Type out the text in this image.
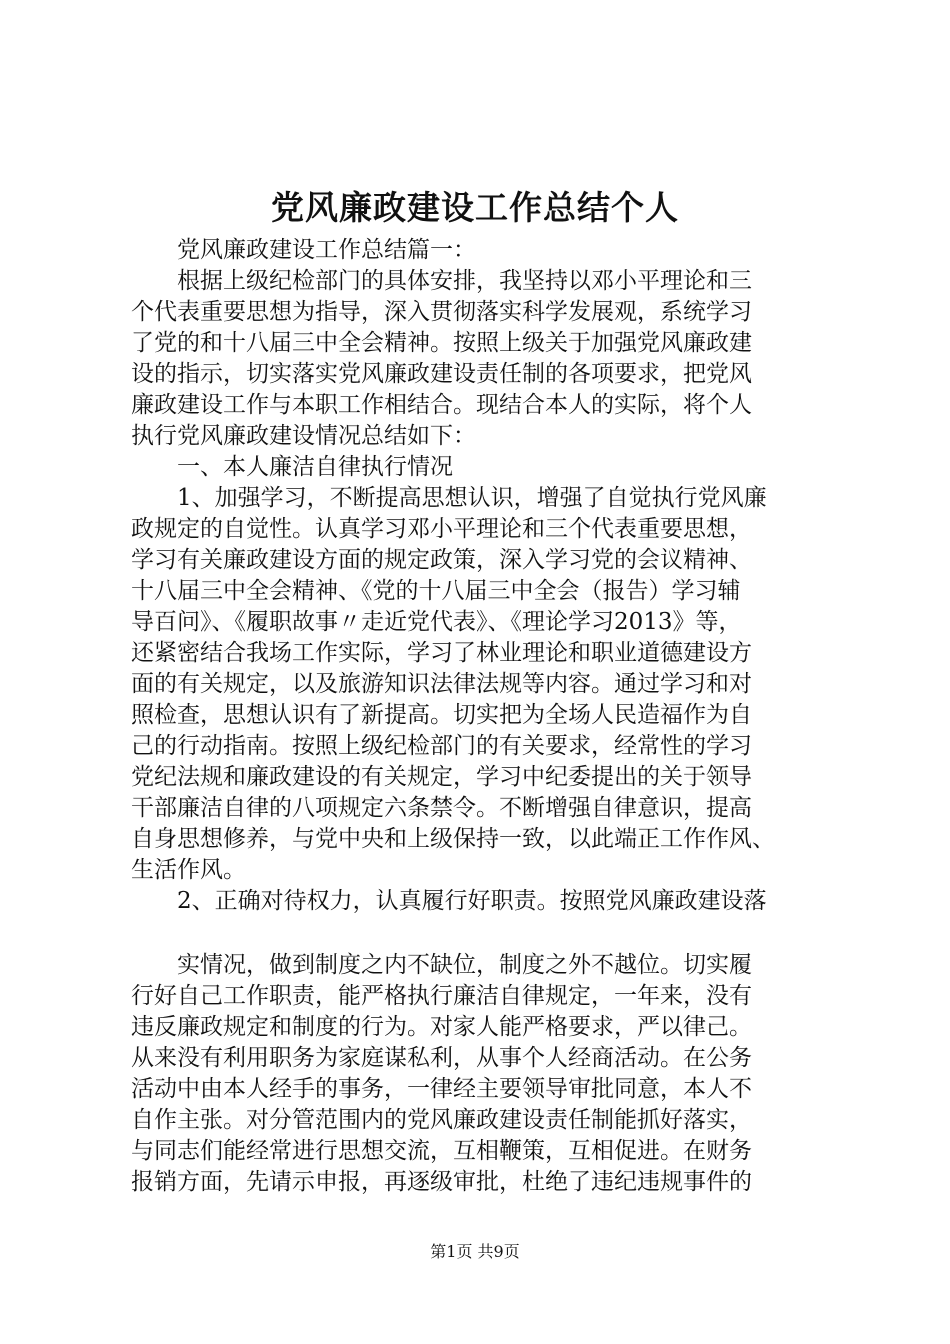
党风廉政建设工作总结个人
　　党风廉政建设工作总结篇一：
　　根据上级纪检部门的具体安排，我坚持以邓小平理论和三
个代表重要思想为指导，深入贯彻落实科学发展观，系统学习
了党的和十八届三中全会精神。按照上级关于加强党风廉政建
设的指示，切实落实党风廉政建设责任制的各项要求，把党风
廉政建设工作与本职工作相结合。现结合本人的实际，将个人
执行党风廉政建设情况总结如下：
　　一、本人廉洁自律执行情况
　　1、加强学习，不断提高思想认识，增强了自觉执行党风廉
政规定的自觉性。认真学习邓小平理论和三个代表重要思想，
学习有关廉政建设方面的规定政策，深入学习党的会议精神、
十八届三中全会精神、《党的十八届三中全会（报告）学习辅
导百问》、《履职故事〃走近党代表》、《理论学习2013》等，
还紧密结合我场工作实际，学习了林业理论和职业道德建设方
面的有关规定，以及旅游知识法律法规等内容。通过学习和对
照检查，思想认识有了新提高。切实把为全场人民造福作为自
己的行动指南。按照上级纪检部门的有关要求，经常性的学习
党纪法规和廉政建设的有关规定，学习中纪委提出的关于领导
干部廉洁自律的八项规定六条禁令。不断增强自律意识，提高
自身思想修养，与党中央和上级保持一致，以此端正工作作风、
生活作风。
　　2、正确对待权力，认真履行好职责。按照党风廉政建设落
　　实情况，做到制度之内不缺位，制度之外不越位。切实履
行好自己工作职责，能严格执行廉洁自律规定，一年来，没有
违反廉政规定和制度的行为。对家人能严格要求，严以律己。
从来没有利用职务为家庭谋私利，从事个人经商活动。在公务
活动中由本人经手的事务，一律经主要领导审批同意，本人不
自作主张。对分管范围内的党风廉政建设责任制能抓好落实，
与同志们能经常进行思想交流，互相鞭策，互相促进。在财务
报销方面，先请示申报，再逐级审批，杜绝了违纪违规事件的
第1页 共9页
